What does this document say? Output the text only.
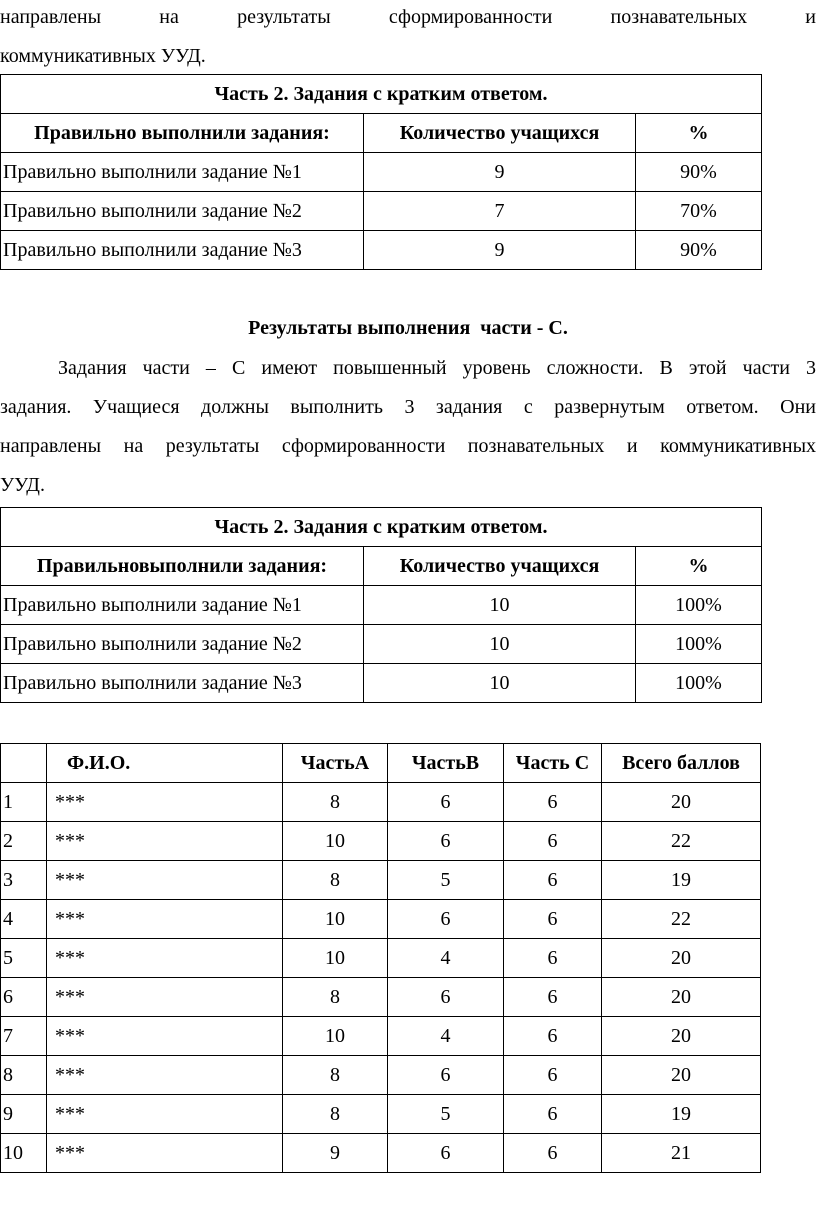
направлены на результаты сформированности познавательных и
коммуникативных УУД.
Часть 2. Задания с кратким ответом.		
Правильно выполнили задания:	Количество учащихся	%
Правильно выполнили задание №1	9	90%
Правильно выполнили задание №2	7	70%
Правильно выполнили задание №3	9	90%
Результаты выполнения  части - С.
Задания части – С имеют повышенный уровень сложности. В этой части 3
задания. Учащиеся должны выполнить 3 задания с развернутым ответом. Они
направлены на результаты сформированности познавательных и коммуникативных
УУД.
Часть 2. Задания с кратким ответом.		
Правильновыполнили задания:	Количество учащихся	%
Правильно выполнили задание №1	10	100%
Правильно выполнили задание №2	10	100%
Правильно выполнили задание №3	10	100%
	Ф.И.О.	ЧастьА	ЧастьВ	Часть С	Всего баллов
1	***	8	6	6	20
2	***	10	6	6	22
3	***	8	5	6	19
4	***	10	6	6	22
5	***	10	4	6	20
6	***	8	6	6	20
7	***	10	4	6	20
8	***	8	6	6	20
9	***	8	5	6	19
10	***	9	6	6	21
